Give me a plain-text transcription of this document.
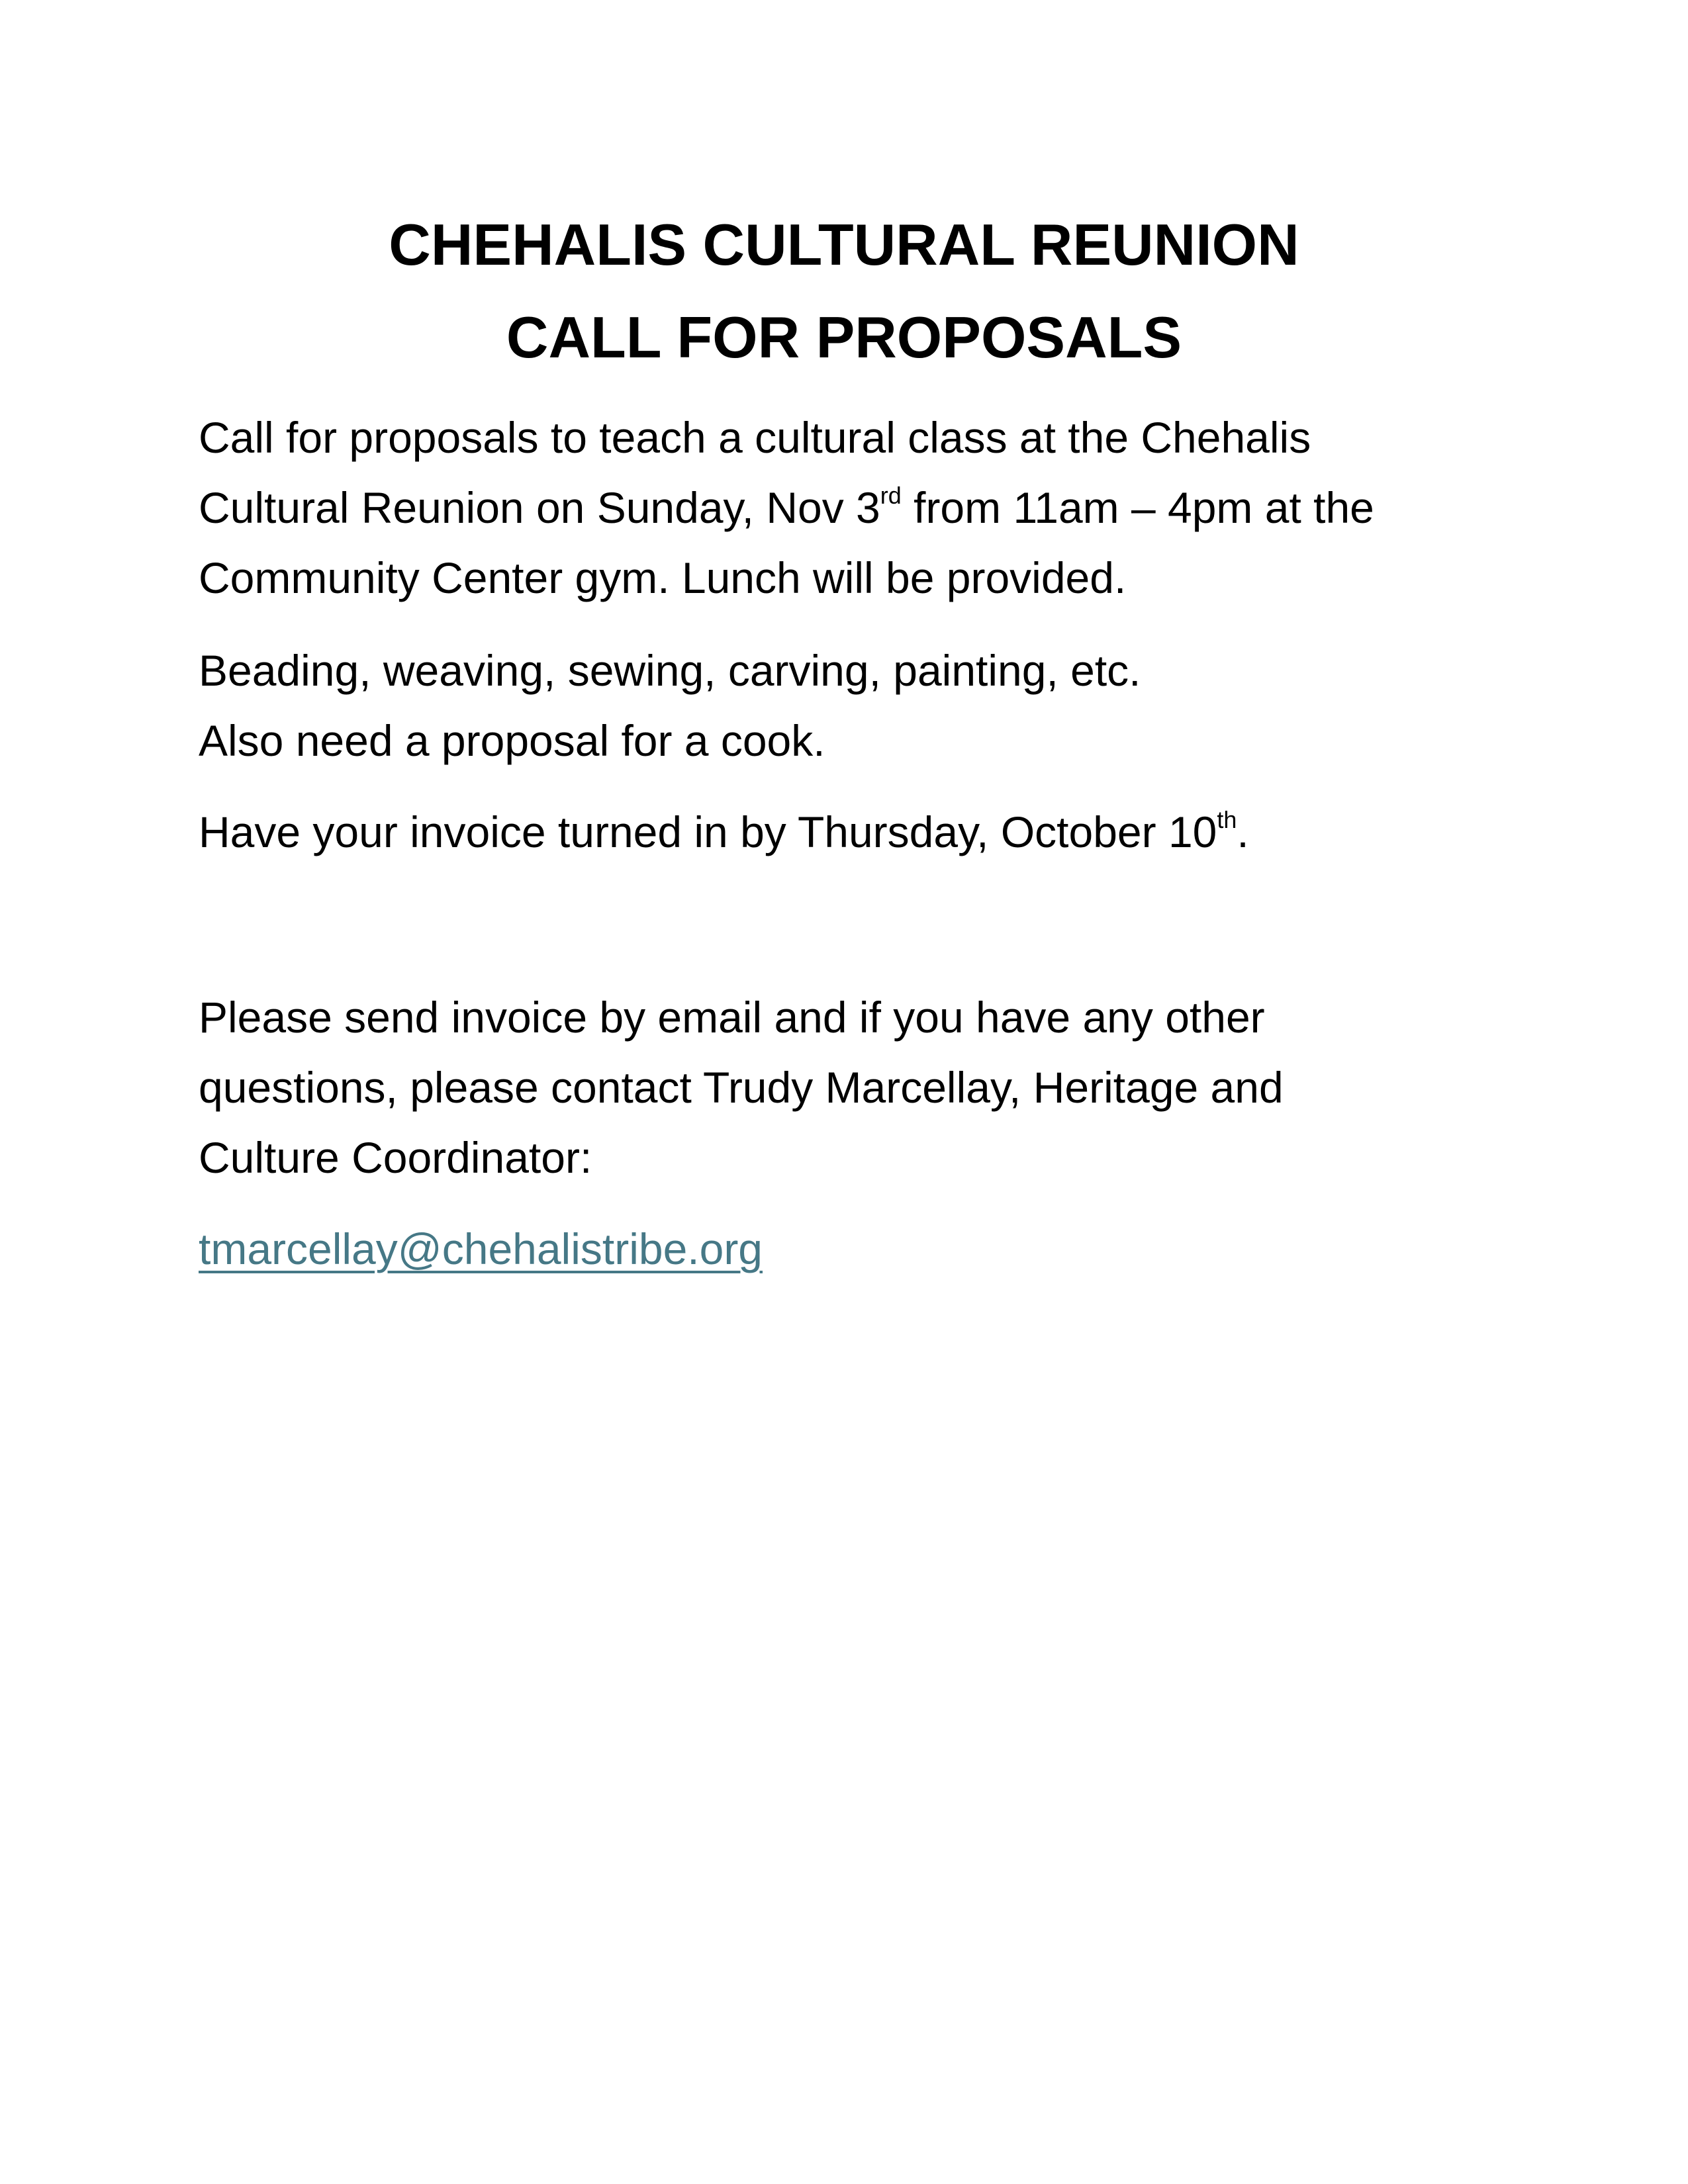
CHEHALIS CULTURAL REUNION

CALL FOR PROPOSALS

Call for proposals to teach a cultural class at the Chehalis

Cultural Reunion on Sunday, Nov 3rd from 11am – 4pm at the

Community Center gym. Lunch will be provided.

Beading, weaving, sewing, carving, painting, etc.

Also need a proposal for a cook.

Have your invoice turned in by Thursday, October 10th.

Please send invoice by email and if you have any other

questions, please contact Trudy Marcellay, Heritage and

Culture Coordinator:

tmarcellay@chehalistribe.org
